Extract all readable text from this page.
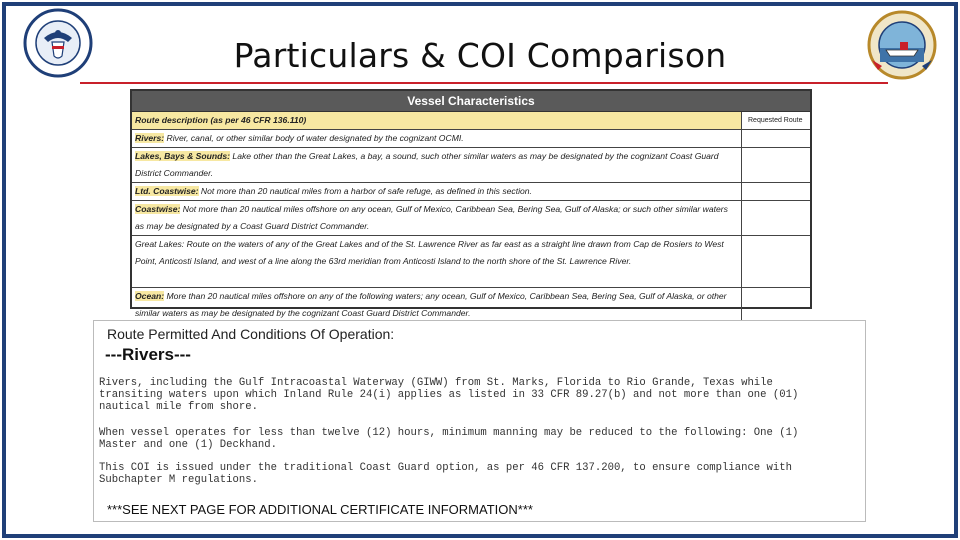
Particulars & COI Comparison
Vessel Characteristics
Route description (as per 46 CFR 136.110)	Requested Route
Rivers: River, canal, or other similar body of water designated by the cognizant OCMI.
Lakes, Bays & Sounds: Lake other than the Great Lakes, a bay, a sound, such other similar waters as may be designated by the cognizant Coast Guard District Commander.
Ltd. Coastwise: Not more than 20 nautical miles from a harbor of safe refuge, as defined in this section.
Coastwise: Not more than 20 nautical miles offshore on any ocean, Gulf of Mexico, Caribbean Sea, Bering Sea, Gulf of Alaska; or such other similar waters as may be designated by a Coast Guard District Commander.
Great Lakes: Route on the waters of any of the Great Lakes and of the St. Lawrence River as far east as a straight line drawn from Cap de Rosiers to West Point, Anticosti Island, and west of a line along the 63rd meridian from Anticosti Island to the north shore of the St. Lawrence River.
Ocean: More than 20 nautical miles offshore on any of the following waters; any ocean, Gulf of Mexico, Caribbean Sea, Bering Sea, Gulf of Alaska, or other similar waters as may be designated by the cognizant Coast Guard District Commander.
Route Permitted And Conditions Of Operation:
---Rivers---
Rivers, including the Gulf Intracoastal Waterway (GIWW) from St. Marks, Florida to Rio Grande, Texas while
transiting waters upon which Inland Rule 24(i) applies as listed in 33 CFR 89.27(b) and not more than one (01)
nautical mile from shore.
When vessel operates for less than twelve (12) hours, minimum manning may be reduced to the following: One (1)
Master and one (1) Deckhand.
This COI is issued under the traditional Coast Guard option, as per 46 CFR 137.200, to ensure compliance with
Subchapter M regulations.
***SEE NEXT PAGE FOR ADDITIONAL CERTIFICATE INFORMATION***
